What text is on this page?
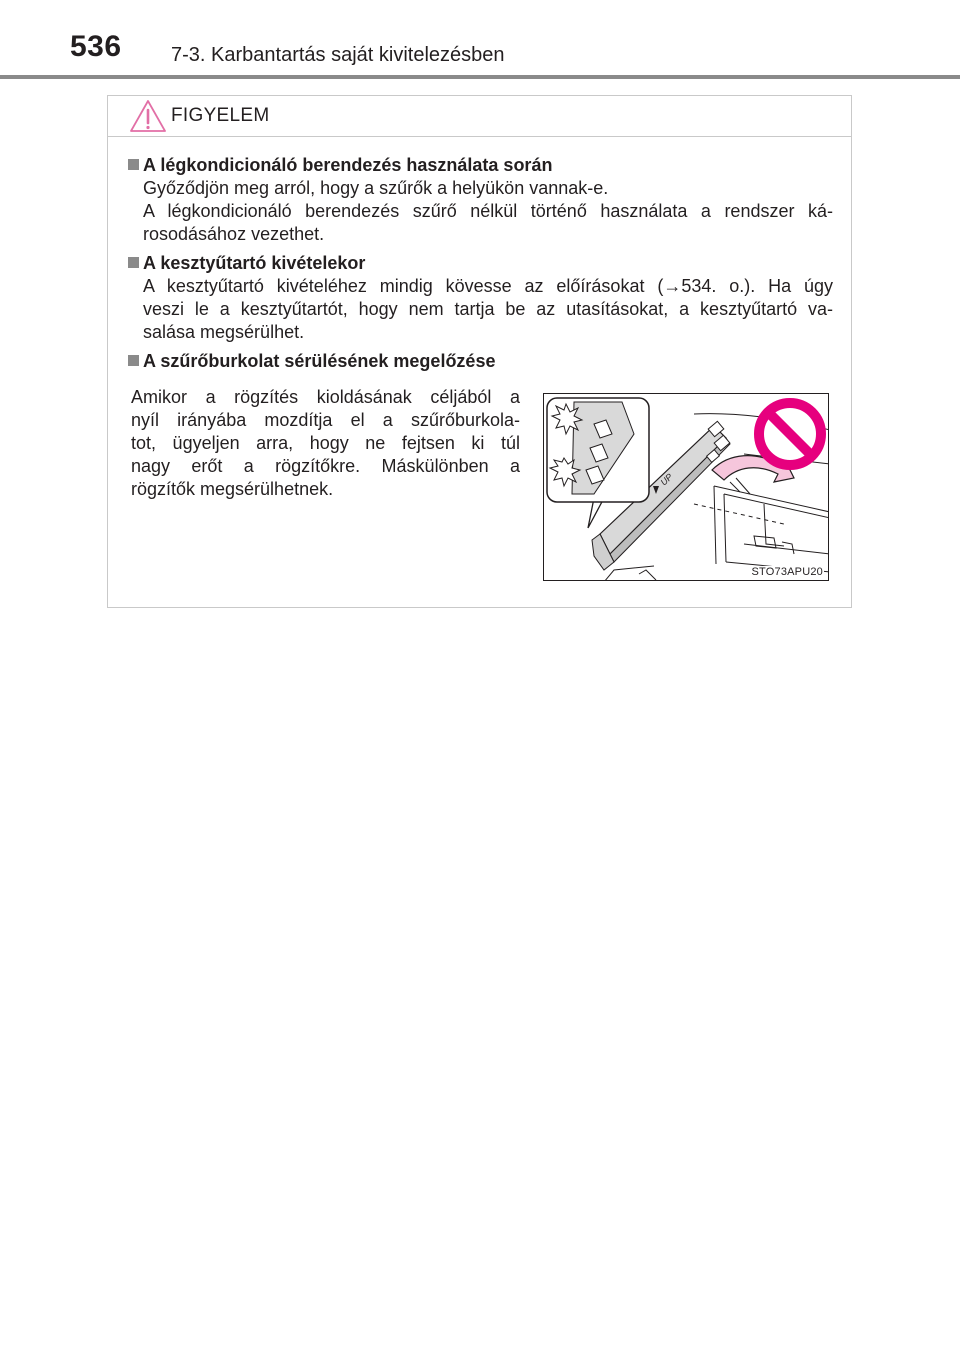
536 7-3. Karbantartás saját kivitelezésben
FIGYELEM
A légkondicionáló berendezés használata során

Győződjön meg arról, hogy a szűrők a helyükön vannak-e.

A légkondicionáló berendezés szűrő nélkül történő használata a rendszer ká-

rosodásához vezethet.

A kesztyűtartó kivételekor

A kesztyűtartó kivételéhez mindig kövesse az előírásokat (→534. o.). Ha úgy

veszi le a kesztyűtartót, hogy nem tartja be az utasításokat, a kesztyűtartó va-

salása megsérülhet.

A szűrőburkolat sérülésének megelőzése

Amikor a rögzítés kioldásának céljából a

nyíl irányába mozdítja el a szűrőburkola-

tot, ügyeljen arra, hogy ne fejtsen ki túl

nagy erőt a rögzítőkre. Máskülönben a

rögzítők megsérülhetnek.	UP
STO73APU20
